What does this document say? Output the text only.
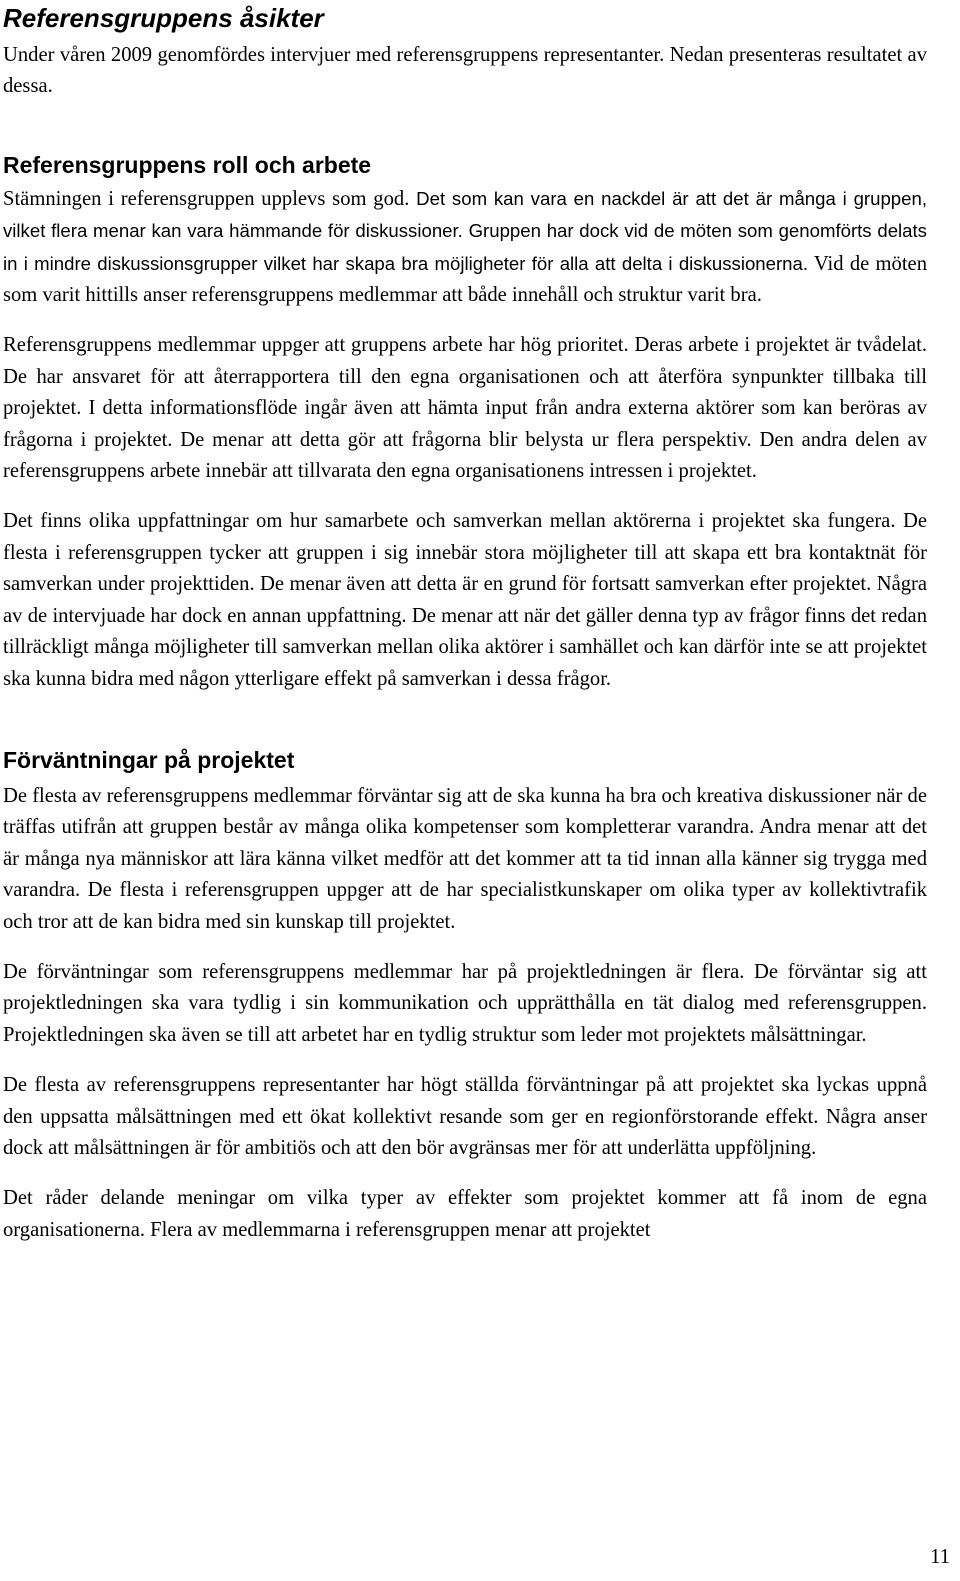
Referensgruppens åsikter

Under våren 2009 genomfördes intervjuer med referensgruppens representanter. Nedan presenteras resultatet av dessa.

Referensgruppens roll och arbete

Stämningen i referensgruppen upplevs som god. Det som kan vara en nackdel är att det är många i gruppen, vilket flera menar kan vara hämmande för diskussioner. Gruppen har dock vid de möten som genomförts delats in i mindre diskussionsgrupper vilket har skapa bra möjligheter för alla att delta i diskussionerna. Vid de möten som varit hittills anser referensgruppens medlemmar att både innehåll och struktur varit bra.

Referensgruppens medlemmar uppger att gruppens arbete har hög prioritet. Deras arbete i projektet är tvådelat. De har ansvaret för att återrapportera till den egna organisationen och att återföra synpunkter tillbaka till projektet. I detta informationsflöde ingår även att hämta input från andra externa aktörer som kan beröras av frågorna i projektet. De menar att detta gör att frågorna blir belysta ur flera perspektiv. Den andra delen av referensgruppens arbete innebär att tillvarata den egna organisationens intressen i projektet.

Det finns olika uppfattningar om hur samarbete och samverkan mellan aktörerna i projektet ska fungera. De flesta i referensgruppen tycker att gruppen i sig innebär stora möjligheter till att skapa ett bra kontaktnät för samverkan under projekttiden. De menar även att detta är en grund för fortsatt samverkan efter projektet. Några av de intervjuade har dock en annan uppfattning. De menar att när det gäller denna typ av frågor finns det redan tillräckligt många möjligheter till samverkan mellan olika aktörer i samhället och kan därför inte se att projektet ska kunna bidra med någon ytterligare effekt på samverkan i dessa frågor.

Förväntningar på projektet

De flesta av referensgruppens medlemmar förväntar sig att de ska kunna ha bra och kreativa diskussioner när de träffas utifrån att gruppen består av många olika kompetenser som kompletterar varandra. Andra menar att det är många nya människor att lära känna vilket medför att det kommer att ta tid innan alla känner sig trygga med varandra. De flesta i referensgruppen uppger att de har specialistkunskaper om olika typer av kollektivtrafik och tror att de kan bidra med sin kunskap till projektet.

De förväntningar som referensgruppens medlemmar har på projektledningen är flera. De förväntar sig att projektledningen ska vara tydlig i sin kommunikation och upprätthålla en tät dialog med referensgruppen. Projektledningen ska även se till att arbetet har en tydlig struktur som leder mot projektets målsättningar.

De flesta av referensgruppens representanter har högt ställda förväntningar på att projektet ska lyckas uppnå den uppsatta målsättningen med ett ökat kollektivt resande som ger en regionförstorande effekt. Några anser dock att målsättningen är för ambitiös och att den bör avgränsas mer för att underlätta uppföljning.

Det råder delande meningar om vilka typer av effekter som projektet kommer att få inom de egna organisationerna. Flera av medlemmarna i referensgruppen menar att projektet

11
